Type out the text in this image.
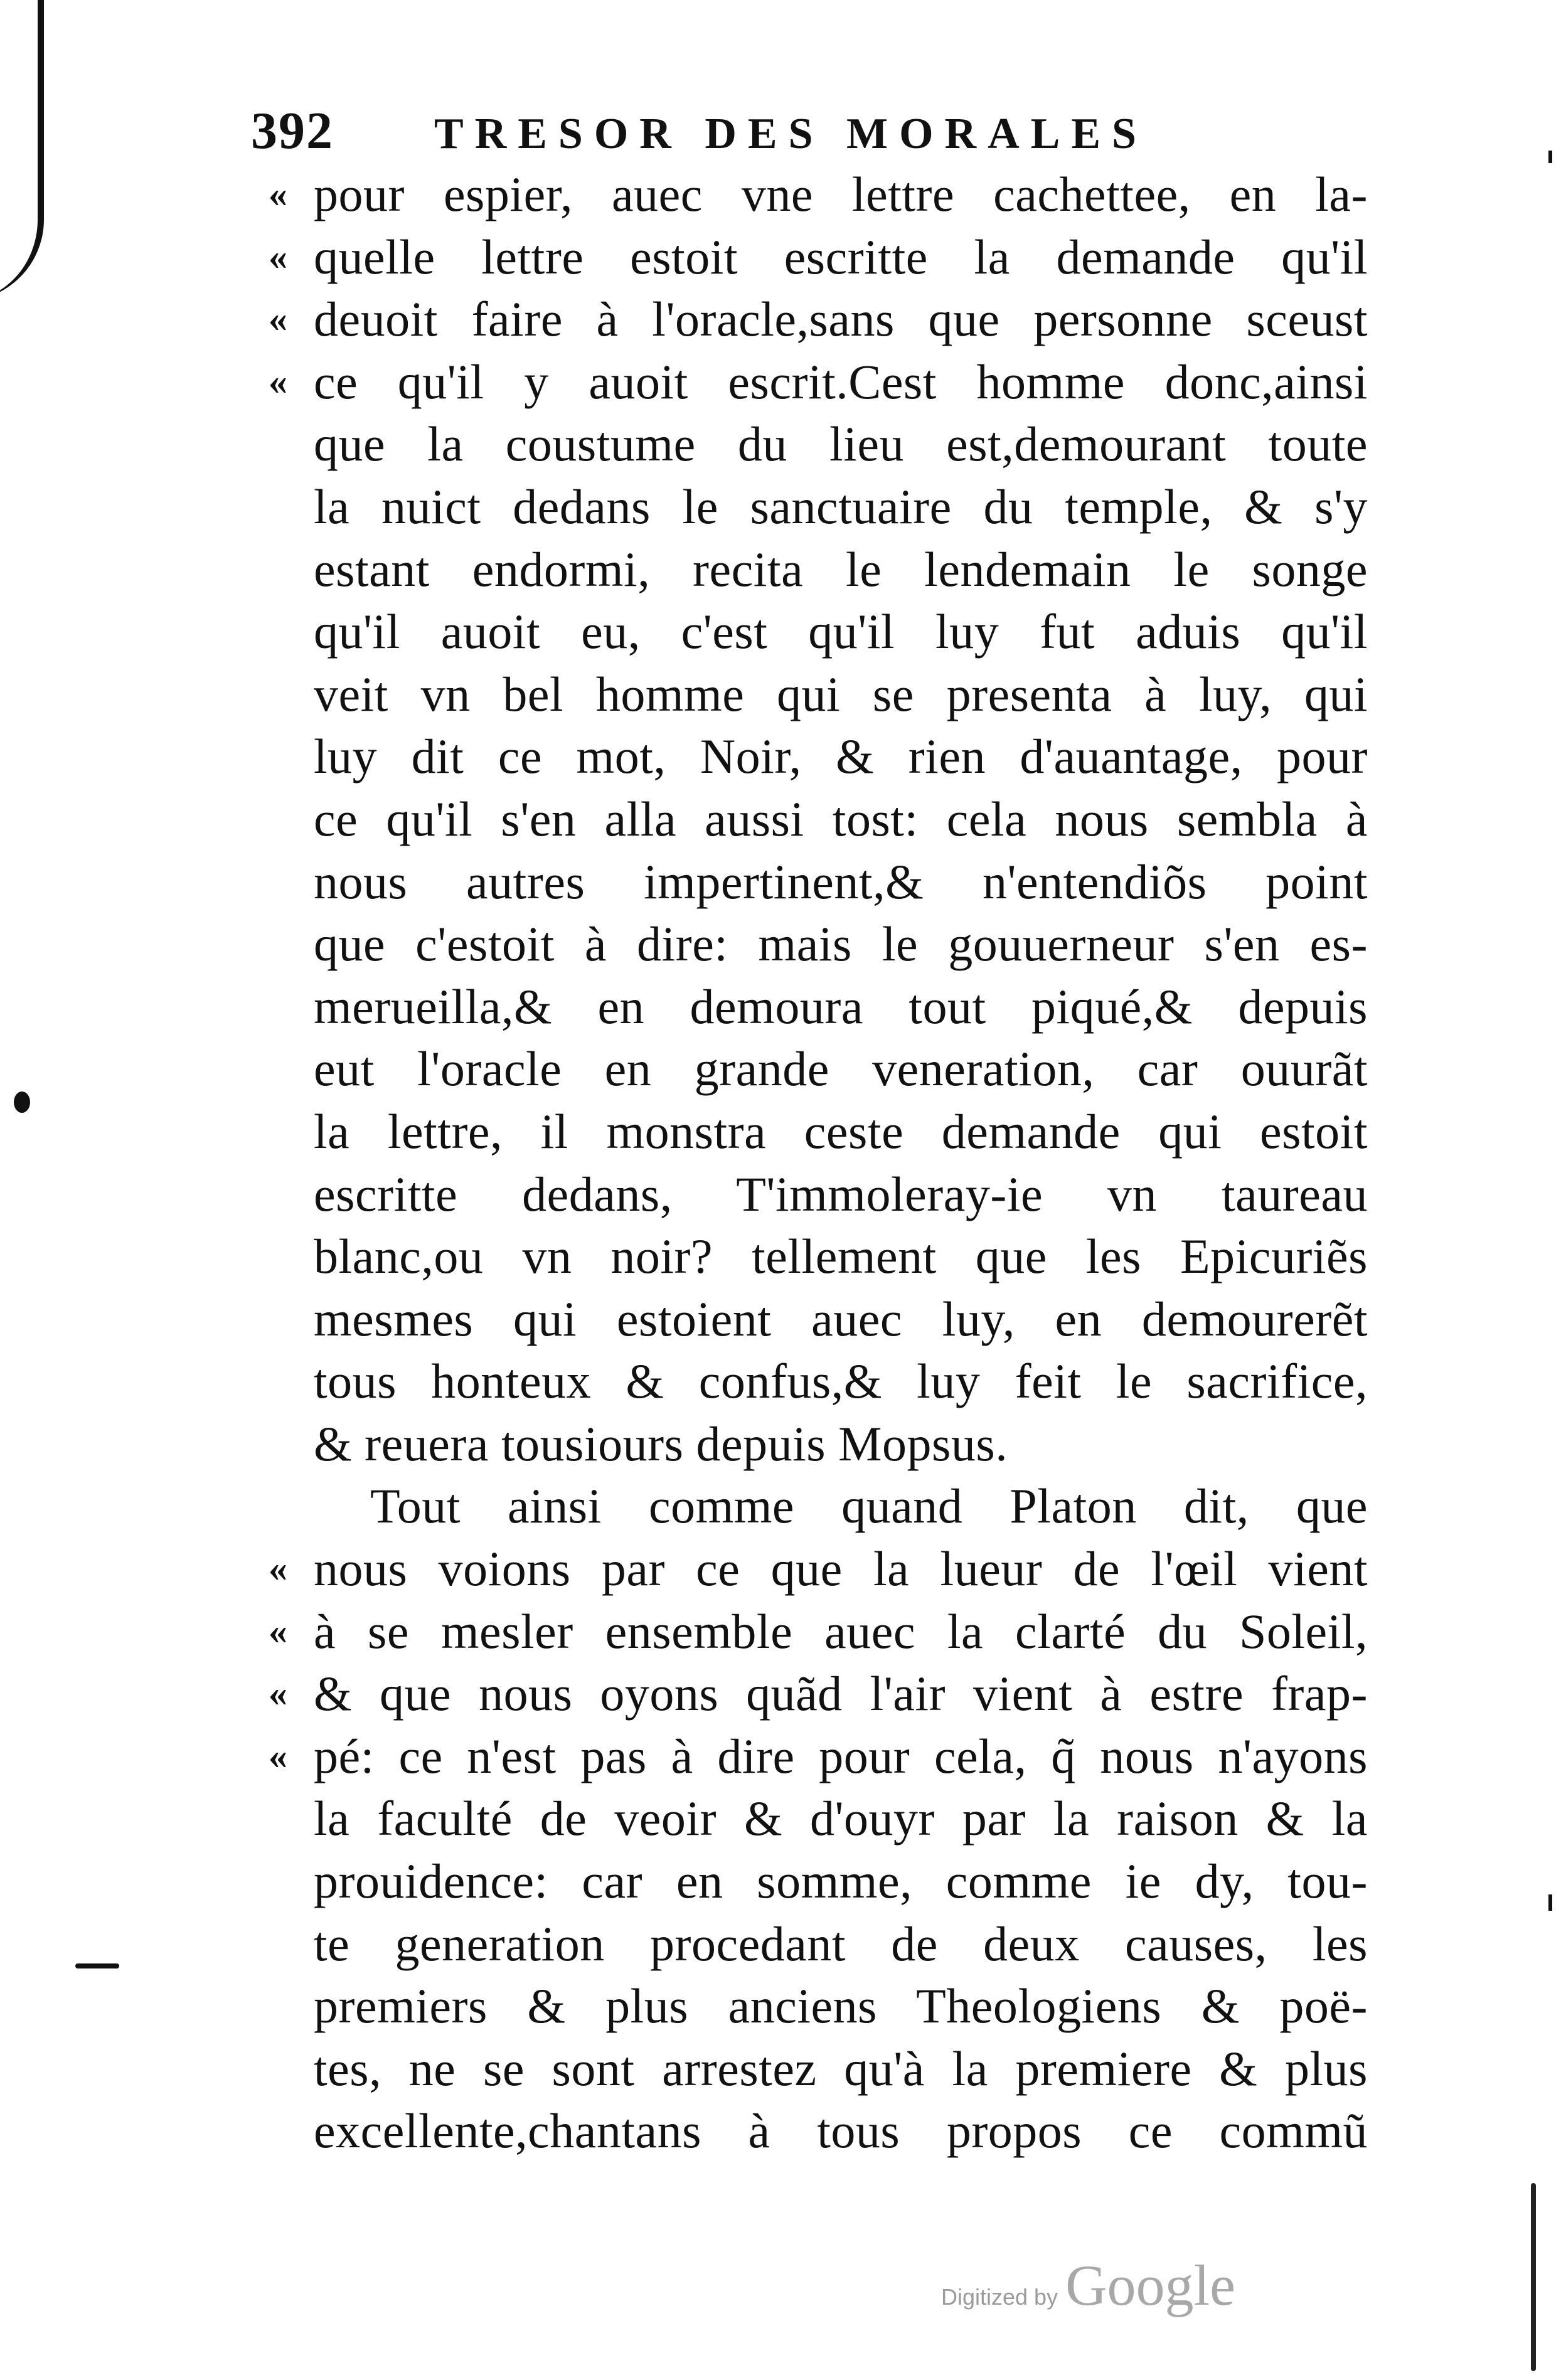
392 TRESOR DES MORALES
« pour espier, auec vne lettre cachettee, en la-
« quelle lettre estoit escritte la demande qu'il
« deuoit faire à l'oracle,sans que personne sceust
« ce qu'il y auoit escrit.Cest homme donc,ainsi
que la coustume du lieu est,demourant toute
la nuict dedans le sanctuaire du temple, & s'y
estant endormi, recita le lendemain le songe
qu'il auoit eu, c'est qu'il luy fut aduis qu'il
veit vn bel homme qui se presenta à luy, qui
luy dit ce mot, Noir, & rien d'auantage, pour
ce qu'il s'en alla aussi tost: cela nous sembla à
nous autres impertinent,& n'entendiõs point
que c'estoit à dire: mais le gouuerneur s'en es-
merueilla,& en demoura tout piqué,& depuis
eut l'oracle en grande veneration, car ouurãt
la lettre, il monstra ceste demande qui estoit
escritte dedans, T'immoleray-ie vn taureau
blanc,ou vn noir? tellement que les Epicuriẽs
mesmes qui estoient auec luy, en demourerẽt
tous honteux & confus,& luy feit le sacrifice,
& reuera tousiours depuis Mopsus.
Tout ainsi comme quand Platon dit, que
« nous voions par ce que la lueur de l'œil vient
« à se mesler ensemble auec la clarté du Soleil,
« & que nous oyons quãd l'air vient à estre frap-
« pé: ce n'est pas à dire pour cela, q̃ nous n'ayons
la faculté de veoir & d'ouyr par la raison & la
prouidence: car en somme, comme ie dy, tou-
te generation procedant de deux causes, les
premiers & plus anciens Theologiens & poë-
tes, ne se sont arrestez qu'à la premiere & plus
excellente,chantans à tous propos ce commũ
Digitized by Google
